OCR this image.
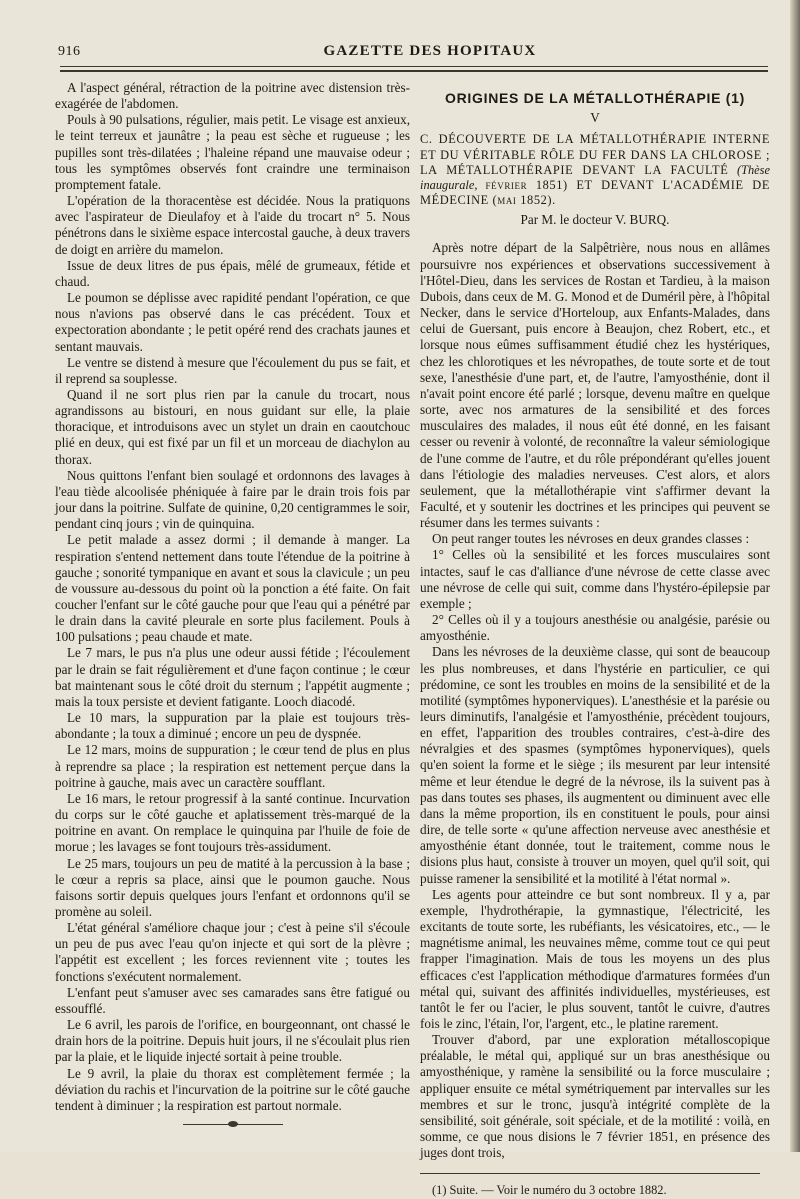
916	GAZETTE DES HOPITAUX

A l'aspect général, rétraction de la poitrine avec distension très-exagérée de l'abdomen.

Pouls à 90 pulsations, régulier, mais petit. Le visage est anxieux, le teint terreux et jaunâtre ; la peau est sèche et rugueuse ; les pupilles sont très-dilatées ; l'haleine répand une mauvaise odeur ; tous les symptômes observés font craindre une terminaison promptement fatale.

L'opération de la thoracentèse est décidée. Nous la pratiquons avec l'aspirateur de Dieulafoy et à l'aide du trocart n° 5. Nous pénétrons dans le sixième espace intercostal gauche, à deux travers de doigt en arrière du mamelon.

Issue de deux litres de pus épais, mêlé de grumeaux, fétide et chaud.

Le poumon se déplisse avec rapidité pendant l'opération, ce que nous n'avions pas observé dans le cas précédent. Toux et expectoration abondante ; le petit opéré rend des crachats jaunes et sentant mauvais.

Le ventre se distend à mesure que l'écoulement du pus se fait, et il reprend sa souplesse.

Quand il ne sort plus rien par la canule du trocart, nous agrandissons au bistouri, en nous guidant sur elle, la plaie thoracique, et introduisons avec un stylet un drain en caoutchouc plié en deux, qui est fixé par un fil et un morceau de diachylon au thorax.

Nous quittons l'enfant bien soulagé et ordonnons des lavages à l'eau tiède alcoolisée phéniquée à faire par le drain trois fois par jour dans la poitrine. Sulfate de quinine, 0,20 centigrammes le soir, pendant cinq jours ; vin de quinquina.

Le petit malade a assez dormi ; il demande à manger. La respiration s'entend nettement dans toute l'étendue de la poitrine à gauche ; sonorité tympanique en avant et sous la clavicule ; un peu de voussure au-dessous du point où la ponction a été faite. On fait coucher l'enfant sur le côté gauche pour que l'eau qui a pénétré par le drain dans la cavité pleurale en sorte plus facilement. Pouls à 100 pulsations ; peau chaude et mate.

Le 7 mars, le pus n'a plus une odeur aussi fétide ; l'écoulement par le drain se fait régulièrement et d'une façon continue ; le cœur bat maintenant sous le côté droit du sternum ; l'appétit augmente ; mais la toux persiste et devient fatigante. Looch diacodé.

Le 10 mars, la suppuration par la plaie est toujours très-abondante ; la toux a diminué ; encore un peu de dyspnée.

Le 12 mars, moins de suppuration ; le cœur tend de plus en plus à reprendre sa place ; la respiration est nettement perçue dans la poitrine à gauche, mais avec un caractère soufflant.

Le 16 mars, le retour progressif à la santé continue. Incurvation du corps sur le côté gauche et aplatissement très-marqué de la poitrine en avant. On remplace le quinquina par l'huile de foie de morue ; les lavages se font toujours très-assidument.

Le 25 mars, toujours un peu de matité à la percussion à la base ; le cœur a repris sa place, ainsi que le poumon gauche. Nous faisons sortir depuis quelques jours l'enfant et ordonnons qu'il se promène au soleil.

L'état général s'améliore chaque jour ; c'est à peine s'il s'écoule un peu de pus avec l'eau qu'on injecte et qui sort de la plèvre ; l'appétit est excellent ; les forces reviennent vite ; toutes les fonctions s'exécutent normalement.

L'enfant peut s'amuser avec ses camarades sans être fatigué ou essoufflé.

Le 6 avril, les parois de l'orifice, en bourgeonnant, ont chassé le drain hors de la poitrine. Depuis huit jours, il ne s'écoulait plus rien par la plaie, et le liquide injecté sortait à peine trouble.

Le 9 avril, la plaie du thorax est complètement fermée ; la déviation du rachis et l'incurvation de la poitrine sur le côté gauche tendent à diminuer ; la respiration est partout normale.

ORIGINES DE LA MÉTALLOTHÉRAPIE (1)
V

C. DÉCOUVERTE DE LA MÉTALLOTHÉRAPIE INTERNE ET DU VÉRITABLE RÔLE DU FER DANS LA CHLOROSE ; LA MÉTALLOTHÉRAPIE DEVANT LA FACULTÉ (Thèse inaugurale, février 1851) ET DEVANT L'ACADÉMIE DE MÉDECINE (mai 1852).

Par M. le docteur V. BURQ.

Après notre départ de la Salpêtrière, nous nous en allâmes poursuivre nos expériences et observations successivement à l'Hôtel-Dieu, dans les services de Rostan et Tardieu, à la maison Dubois, dans ceux de M. G. Monod et de Duméril père, à l'hôpital Necker, dans le service d'Horteloup, aux Enfants-Malades, dans celui de Guersant, puis encore à Beaujon, chez Robert, etc., et lorsque nous eûmes suffisamment étudié chez les hystériques, chez les chlorotiques et les névropathes, de toute sorte et de tout sexe, l'anesthésie d'une part, et, de l'autre, l'amyosthénie, dont il n'avait point encore été parlé ; lorsque, devenu maître en quelque sorte, avec nos armatures de la sensibilité et des forces musculaires des malades, il nous eût été donné, en les faisant cesser ou revenir à volonté, de reconnaître la valeur sémiologique de l'une comme de l'autre, et du rôle prépondérant qu'elles jouent dans l'étiologie des maladies nerveuses. C'est alors, et alors seulement, que la métallothérapie vint s'affirmer devant la Faculté, et y soutenir les doctrines et les principes qui peuvent se résumer dans les termes suivants :

On peut ranger toutes les névroses en deux grandes classes :

1° Celles où la sensibilité et les forces musculaires sont intactes, sauf le cas d'alliance d'une névrose de cette classe avec une névrose de celle qui suit, comme dans l'hystéro-épilepsie par exemple ;

2° Celles où il y a toujours anesthésie ou analgésie, parésie ou amyosthénie.

Dans les névroses de la deuxième classe, qui sont de beaucoup les plus nombreuses, et dans l'hystérie en particulier, ce qui prédomine, ce sont les troubles en moins de la sensibilité et de la motilité (symptômes hyponerviques). L'anesthésie et la parésie ou leurs diminutifs, l'analgésie et l'amyosthénie, précèdent toujours, en effet, l'apparition des troubles contraires, c'est-à-dire des névralgies et des spasmes (symptômes hyponerviques), quels qu'en soient la forme et le siège ; ils mesurent par leur intensité même et leur étendue le degré de la névrose, ils la suivent pas à pas dans toutes ses phases, ils augmentent ou diminuent avec elle dans la même proportion, ils en constituent le pouls, pour ainsi dire, de telle sorte « qu'une affection nerveuse avec anesthésie et amyosthénie étant donnée, tout le traitement, comme nous le disions plus haut, consiste à trouver un moyen, quel qu'il soit, qui puisse ramener la sensibilité et la motilité à l'état normal ».

Les agents pour atteindre ce but sont nombreux. Il y a, par exemple, l'hydrothérapie, la gymnastique, l'électricité, les excitants de toute sorte, les rubéfiants, les vésicatoires, etc., — le magnétisme animal, les neuvaines même, comme tout ce qui peut frapper l'imagination. Mais de tous les moyens un des plus efficaces c'est l'application méthodique d'armatures formées d'un métal qui, suivant des affinités individuelles, mystérieuses, est tantôt le fer ou l'acier, le plus souvent, tantôt le cuivre, d'autres fois le zinc, l'étain, l'or, l'argent, etc., le platine rarement.

Trouver d'abord, par une exploration métalloscopique préalable, le métal qui, appliqué sur un bras anesthésique ou amyosthénique, y ramène la sensibilité ou la force musculaire ; appliquer ensuite ce métal symétriquement par intervalles sur les membres et sur le tronc, jusqu'à intégrité complète de la sensibilité, soit générale, soit spéciale, et de la motilité : voilà, en somme, ce que nous disions le 7 février 1851, en présence des juges dont trois,

(1) Suite. — Voir le numéro du 3 octobre 1882.
